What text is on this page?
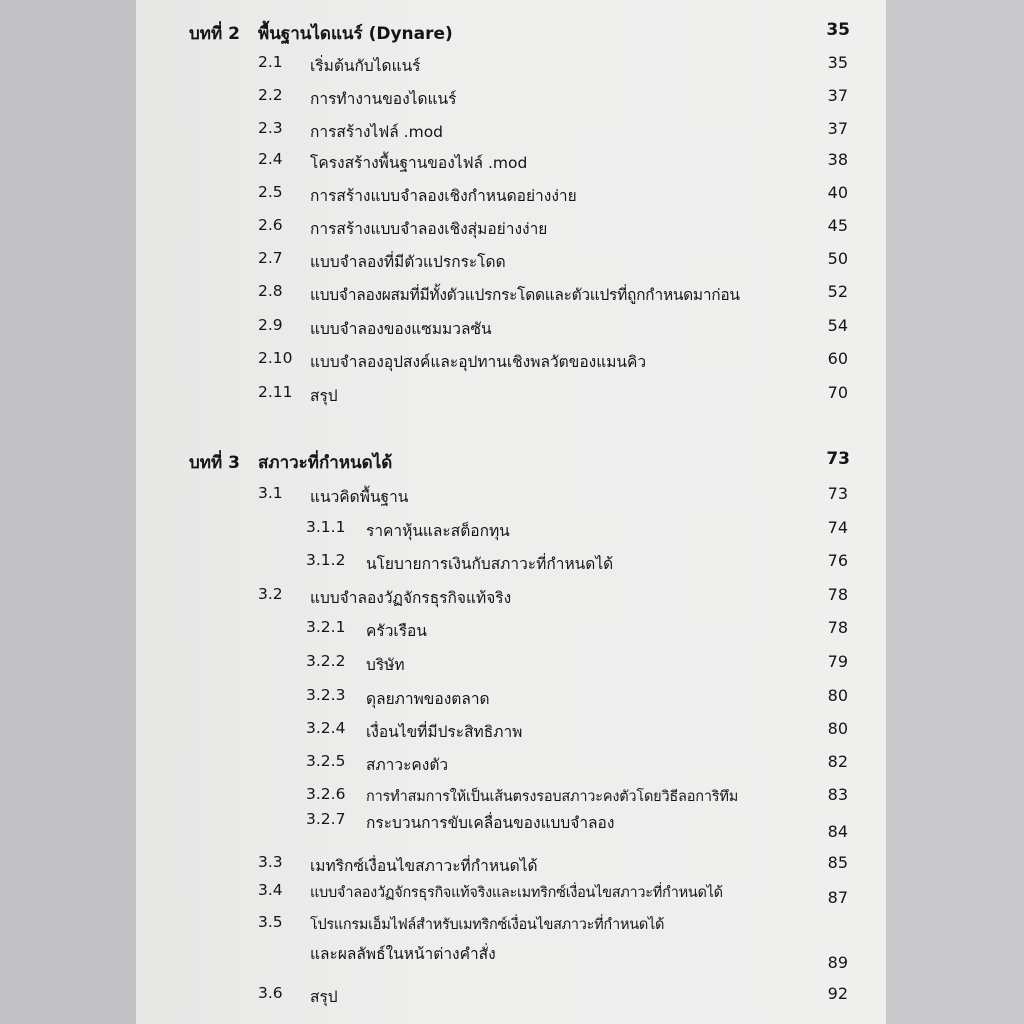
บทที่ 2 พื้นฐานไดแนร์ (Dynare)	35
2.1 เริ่มต้นกับไดแนร์	35
2.2 การทำงานของไดแนร์	37
2.3 การสร้างไฟล์ .mod	37
2.4 โครงสร้างพื้นฐานของไฟล์ .mod	38
2.5 การสร้างแบบจำลองเชิงกำหนดอย่างง่าย	40
2.6 การสร้างแบบจำลองเชิงสุ่มอย่างง่าย	45
2.7 แบบจำลองที่มีตัวแปรกระโดด	50
2.8 แบบจำลองผสมที่มีทั้งตัวแปรกระโดดและตัวแปรที่ถูกกำหนดมาก่อน	52
2.9 แบบจำลองของแซมมวลซัน	54
2.10 แบบจำลองอุปสงค์และอุปทานเชิงพลวัตของแมนคิว	60
2.11 สรุป	70
บทที่ 3 สภาวะที่กำหนดได้	73
3.1 แนวคิดพื้นฐาน	73
3.1.1 ราคาหุ้นและสต็อกทุน	74
3.1.2 นโยบายการเงินกับสภาวะที่กำหนดได้	76
3.2 แบบจำลองวัฏจักรธุรกิจแท้จริง	78
3.2.1 ครัวเรือน	78
3.2.2 บริษัท	79
3.2.3 ดุลยภาพของตลาด	80
3.2.4 เงื่อนไขที่มีประสิทธิภาพ	80
3.2.5 สภาวะคงตัว	82
3.2.6 การทำสมการให้เป็นเส้นตรงรอบสภาวะคงตัวโดยวิธีลอการิทึม	83
3.2.7 กระบวนการขับเคลื่อนของแบบจำลอง	84
3.3 เมทริกซ์เงื่อนไขสภาวะที่กำหนดได้	85
3.4 แบบจำลองวัฏจักรธุรกิจแท้จริงและเมทริกซ์เงื่อนไขสภาวะที่กำหนดได้	87
3.5 โปรแกรมเอ็มไฟล์สำหรับเมทริกซ์เงื่อนไขสภาวะที่กำหนดได้
และผลลัพธ์ในหน้าต่างคำสั่ง	89
3.6 สรุป	92
